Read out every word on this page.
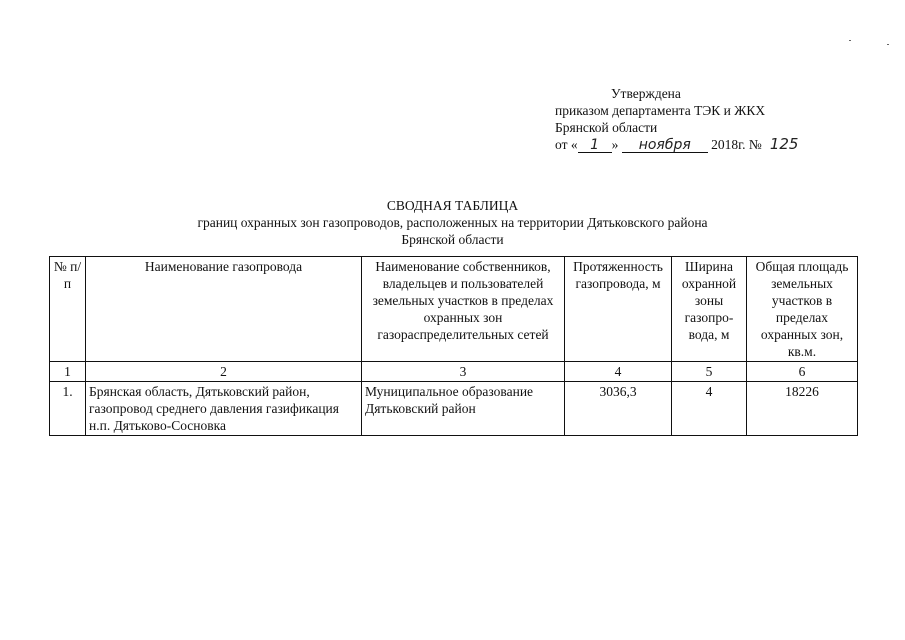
Утверждена
приказом департамента ТЭК и ЖКХ
Брянской области
от « 1 » ноября 2018г. № 125
СВОДНАЯ ТАБЛИЦА
границ охранных зон газопроводов, расположенных на территории Дятьковского района
Брянской области
№ п/п	Наименование газопровода	Наименование собственников, владельцев и пользователей земельных участков в пределах охранных зон газораспределительных сетей	Протяженность газопровода, м	Ширина охранной зоны газопро-вода, м	Общая площадь земельных участков в пределах охранных зон, кв.м.
1	2	3	4	5	6
1.	Брянская область, Дятьковский район, газопровод среднего давления газификация н.п. Дятьково-Сосновка	Муниципальное образование Дятьковский район	3036,3	4	18226
